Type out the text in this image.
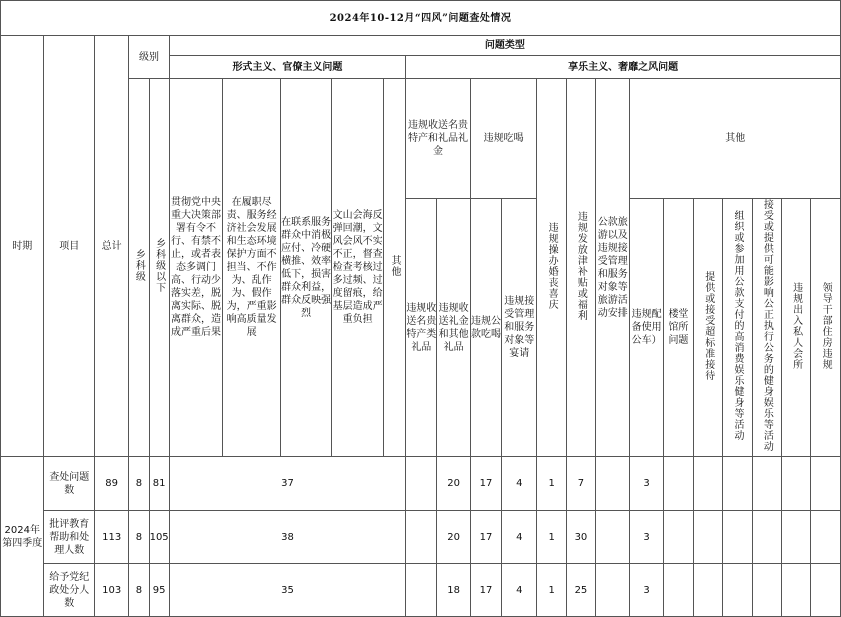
2024年10-12月“四风”问题查处情况																							
时期	项目	总计	级别		问题类型																		
					形式主义、官僚主义问题					享乐主义、奢靡之风问题													
			乡科级	乡科级以下	贯彻党中央重大决策部署有令不行、有禁不止，或者表态多调门高、行动少落实差，脱离实际、脱离群众，造成严重后果	在履职尽责、服务经济社会发展和生态环境保护方面不担当、不作为、乱作为、假作为，严重影响高质量发展	在联系服务群众中消极应付、冷硬横推、效率低下，损害群众利益，群众反映强烈	文山会海反弹回潮，文风会风不实不正，督查检查考核过多过频、过度留痕，给基层造成严重负担	其他	违规收送名贵特产和礼品礼金		违规吃喝		违规操办婚丧喜庆	违规发放津补贴或福利	公款旅游以及违规接受管理和服务对象等旅游活动安排	其他						

										违规收送名贵特产类礼品	违规收送礼金和其他礼品	违规公款吃喝	违规接受管理和服务对象等宴请				违规配备使用公车）	楼堂馆所问题	提供或接受超标准接待	组织或参加用公款支付的高消费娱乐健身等活动	接受或提供可能影响公正执行公务的健身娱乐等活动	违规出入私人会所	领导干部住房违规

2024年第四季度	查处问题数	89	8	81	37						20	17	4	1	7		3						
	批评教育帮助和处理人数	113	8	105	38						20	17	4	1	30		3						
	给予党纪政处分人数	103	8	95	35						18	17	4	1	25		3						
